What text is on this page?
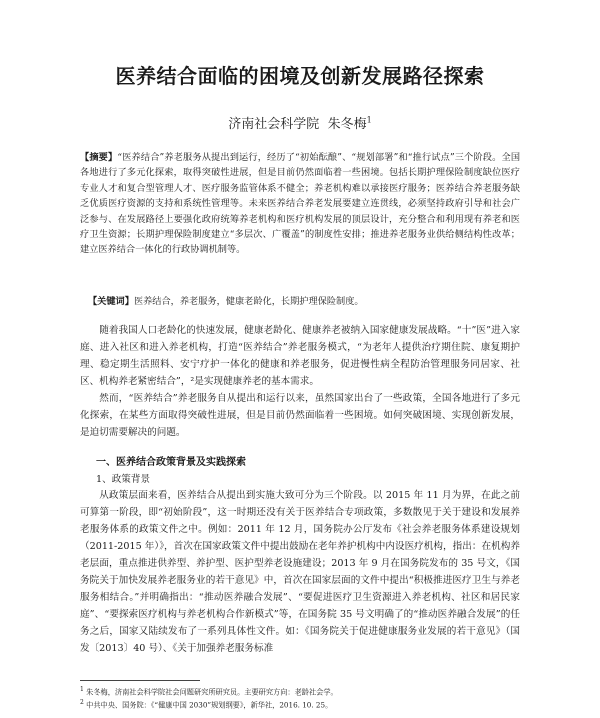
医养结合面临的困境及创新发展路径探索
济南社会科学院 朱冬梅$^1$
【摘要】“医养结合”养老服务从提出到运行，经历了“初始酝酿”、“规划部署”和“推行试点”三个阶段。全国各地进行了多元化探索，取得突破性进展，但是目前仍然面临着一些困境。包括长期护理保险制度缺位医疗专业人才和复合型管理人才、医疗服务监管体系不健全；养老机构难以承接医疗服务；医养结合养老服务缺乏优质医疗资源的支持和系统性管理等。未来医养结合养老发展要建立连贯线，必须坚持政府引导和社会广泛参与、在发展路径上要强化政府统筹养老机构和医疗机构发展的顶层设计，充分整合和利用现有养老和医疗卫生资源；长期护理保险制度建立“多层次、广覆盖”的制度性安排；推进养老服务业供给侧结构性改革；建立医养结合一体化的行政协调机制等。
【关键词】医养结合，养老服务，健康老龄化，长期护理保险制度。

随着我国人口老龄化的快速发展，健康老龄化、健康养老被纳入国家健康发展战略。“十”医”进入家庭、进入社区和进入养老机构，打造“医养结合”养老服务模式，“为老年人提供治疗期住院、康复期护理、稳定期生活照料、安宁疗护一体化的健康和养老服务，促进慢性病全程防治管理服务同居家、社区、机构养老紧密结合”，²是实现健康养老的基本需求。

然而，“医养结合”养老服务自从提出和运行以来，虽然国家出台了一些政策，全国各地进行了多元化探索，在某些方面取得突破性进展，但是目前仍然面临着一些困境。如何突破困境、实现创新发展，是迫切需要解决的问题。

一、医养结合政策背景及实践探索
1、政策背景

从政策层面来看，医养结合从提出到实施大致可分为三个阶段。以 2015 年 11 月为界，在此之前可算第一阶段，即“初始阶段”，这一时期还没有关于医养结合专项政策，多数散见于关于建设和发展养老服务体系的政策文件之中。例如：2011 年 12 月，国务院办公厅发布《社会养老服务体系建设规划（2011-2015 年）》，首次在国家政策文件中提出鼓励在老年养护机构中内设医疗机构，指出：在机构养老层面，重点推进供养型、养护型、医护型养老设施建设；2013 年 9 月在国务院发布的 35 号文，《国务院关于加快发展养老服务业的若干意见》中，首次在国家层面的文件中提出“积极推进医疗卫生与养老服务相结合。”并明确指出：“推动医养融合发展”、“要促进医疗卫生资源进入养老机构、社区和居民家庭”、“要探索医疗机构与养老机构合作新模式”等，在国务院 35 号文明确了的“推动医养融合发展”的任务之后，国家又陆续发布了一系列具体性文件。如：《国务院关于促进健康服务业发展的若干意见》（国发〔2013〕40 号）、《关于加强养老服务标准

$^1$ 朱冬梅，济南社会科学院社会问题研究所研究员。主要研究方向：老龄社会学。
$^2$ 中共中央、国务院：《“健康中国 2030”规划纲要》，新华社，2016. 10. 25。
